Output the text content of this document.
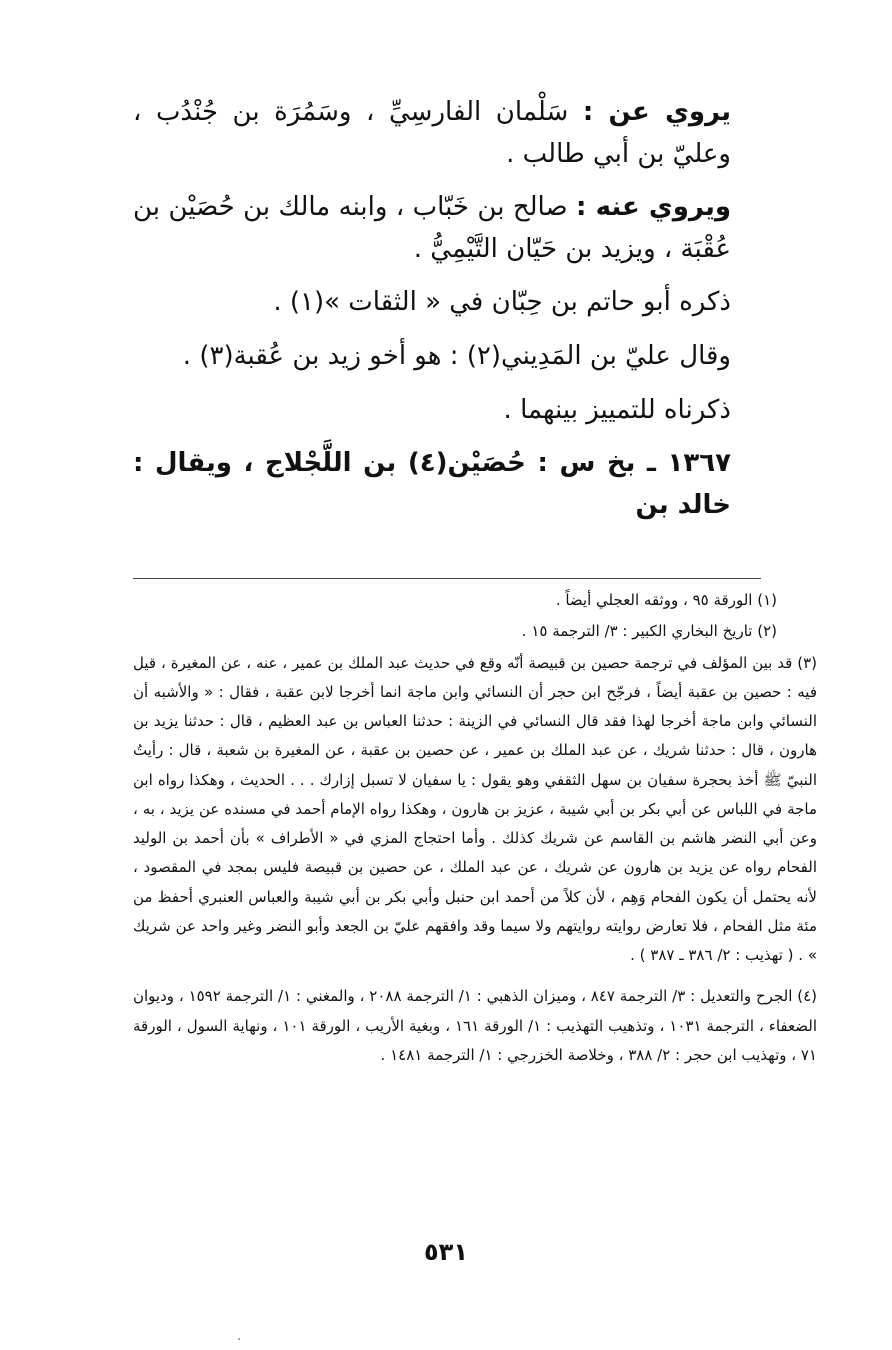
يروي عن : سَلْمان الفارسِيِّ ، وسَمُرَة بن جُنْدُب ، وعليّ بن أبي طالب .

ويروي عنه : صالح بن خَبّاب ، وابنه مالك بن حُصَيْن بن عُقْبَة ، ويزيد بن حَيّان التَّيْمِيُّ .

ذكره أبو حاتم بن حِبّان في « الثقات »(١) .

وقال عليّ بن المَدِيني(٢) : هو أخو زيد بن عُقبة(٣) .

ذكرناه للتمييز بينهما .

١٣٦٧ ـ بخ س : حُصَيْن(٤) بن اللَّجْلاج ، ويقال : خالد بن

(١) الورقة ٩٥ ، ووثقه العجلي أيضاً .

(٢) تاريخ البخاري الكبير : ٣/ الترجمة ١٥ .

(٣) قد بين المؤلف في ترجمة حصين بن قبيصة أنّه وقع في حديث عبد الملك بن عمير ، عنه ، عن المغيرة ، قيل فيه : حصين بن عقبة أيضاً ، فرجّح ابن حجر أن النسائي وابن ماجة انما أخرجا لابن عقبة ، فقال : « والأشبه أن النسائي وابن ماجة أخرجا لهذا فقد قال النسائي في الزينة : حدثنا العباس بن عبد العظيم ، قال : حدثنا يزيد بن هارون ، قال : حدثنا شريك ، عن عبد الملك بن عمير ، عن حصين بن عقبة ، عن المغيرة بن شعبة ، قال : رأيتُ النبيّ ﷺ أخذ بحجرة سفيان بن سهل الثقفي وهو يقول : يا سفيان لا تسبل إزارك . . . الحديث ، وهكذا رواه ابن ماجة في اللباس عن أبي بكر بن أبي شيبة ، عزيز بن هارون ، وهكذا رواه الإمام أحمد في مسنده عن يزيد ، به ، وعن أبي النضر هاشم بن القاسم عن شريك كذلك . وأما احتجاج المزي في « الأطراف » بأن أحمد بن الوليد الفحام رواه عن يزيد بن هارون عن شريك ، عن عبد الملك ، عن حصين بن قبيصة فليس بمجد في المقصود ، لأنه يحتمل أن يكون الفحام وَهِم ، لأن كلاً من أحمد ابن حنبل وأبي بكر بن أبي شيبة والعباس العنبري أحفظ من مئة مثل الفحام ، فلا تعارض روايته روايتهم ولا سيما وقد وافقهم عليّ بن الجعد وأبو النضر وغير واحد عن شريك » . ( تهذيب : ٢/ ٣٨٦ ـ ٣٨٧ ) .

(٤) الجرح والتعديل : ٣/ الترجمة ٨٤٧ ، وميزان الذهبي : ١/ الترجمة ٢٠٨٨ ، والمغني : ١/ الترجمة ١٥٩٢ ، وديوان الضعفاء ، الترجمة ١٠٣١ ، وتذهيب التهذيب : ١/ الورقة ١٦١ ، وبغية الأريب ، الورقة ١٠١ ، ونهاية السول ، الورقة ٧١ ، وتهذيب ابن حجر : ٢/ ٣٨٨ ، وخلاصة الخزرجي : ١/ الترجمة ١٤٨١ .

٥٣١
